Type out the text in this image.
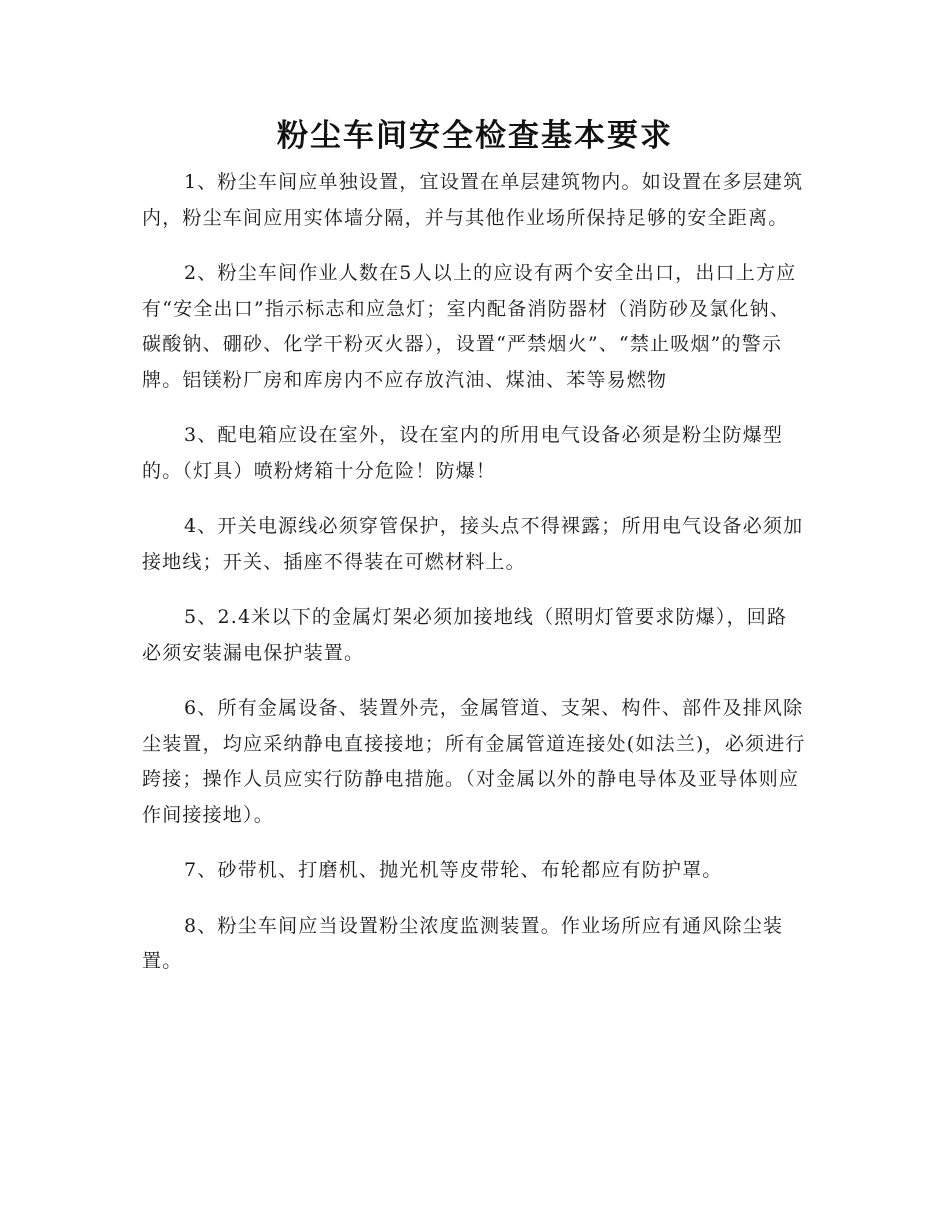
粉尘车间安全检查基本要求

1、粉尘车间应单独设置，宜设置在单层建筑物内。如设置在多层建筑内，粉尘车间应用实体墙分隔，并与其他作业场所保持足够的安全距离。

2、粉尘车间作业人数在5人以上的应设有两个安全出口，出口上方应有“安全出口”指示标志和应急灯；室内配备消防器材（消防砂及氯化钠、碳酸钠、硼砂、化学干粉灭火器），设置“严禁烟火”、“禁止吸烟”的警示牌。铝镁粉厂房和库房内不应存放汽油、煤油、苯等易燃物

3、配电箱应设在室外，设在室内的所用电气设备必须是粉尘防爆型的。（灯具）喷粉烤箱十分危险！防爆！

4、开关电源线必须穿管保护，接头点不得裸露；所用电气设备必须加接地线；开关、插座不得装在可燃材料上。

5、2.4米以下的金属灯架必须加接地线（照明灯管要求防爆），回路必须安装漏电保护装置。

6、所有金属设备、装置外壳，金属管道、支架、构件、部件及排风除尘装置，均应采纳静电直接接地；所有金属管道连接处(如法兰)，必须进行跨接；操作人员应实行防静电措施。（对金属以外的静电导体及亚导体则应作间接接地）。

7、砂带机、打磨机、抛光机等皮带轮、布轮都应有防护罩。

8、粉尘车间应当设置粉尘浓度监测装置。作业场所应有通风除尘装置。
